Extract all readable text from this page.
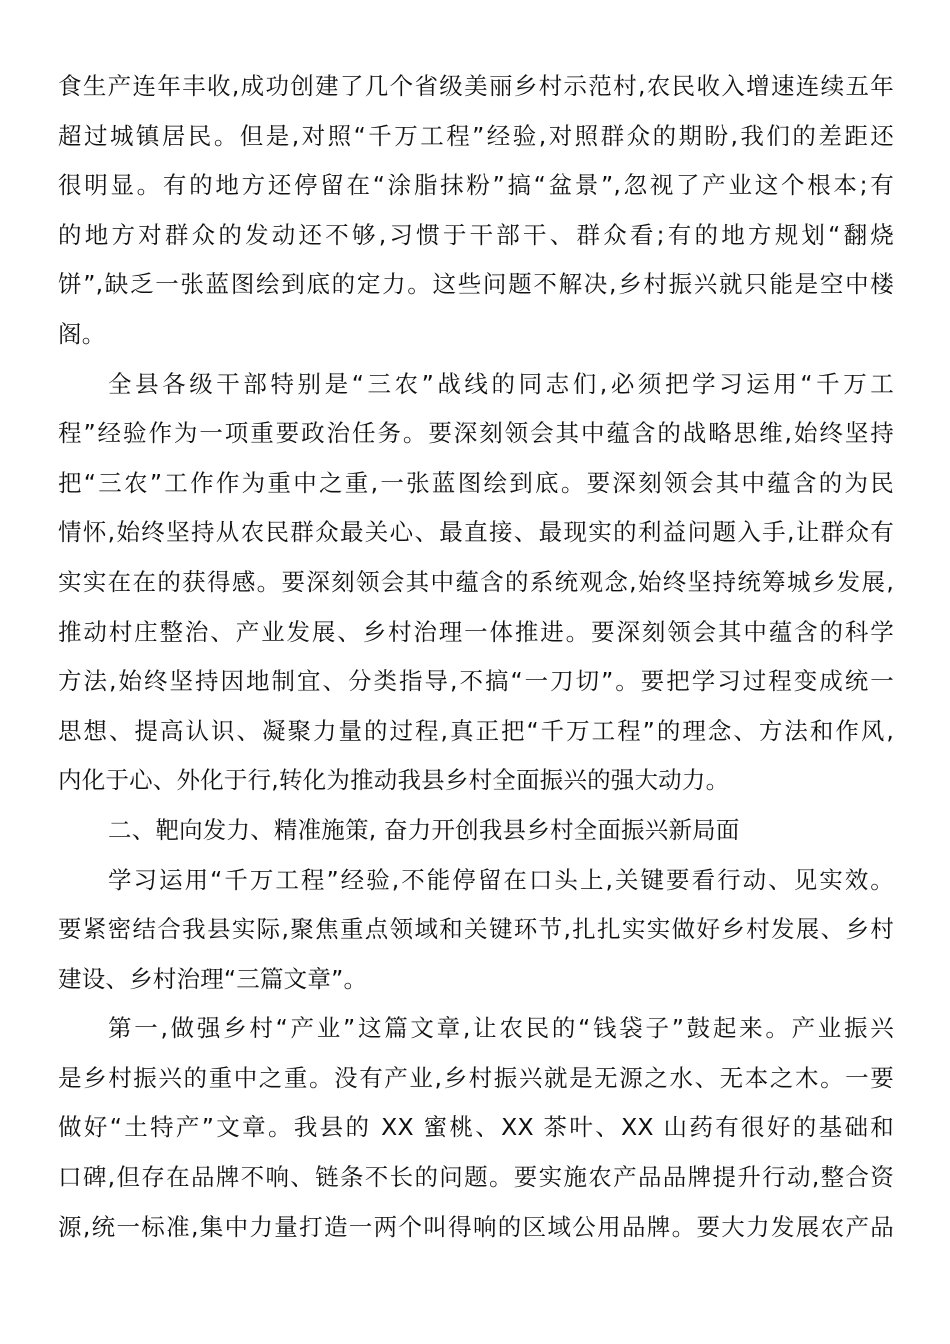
食生产连年丰收,成功创建了几个省级美丽乡村示范村,农民收入增速连续五年
超过城镇居民。但是,对照“千万工程”经验,对照群众的期盼,我们的差距还
很明显。有的地方还停留在“涂脂抹粉”搞“盆景”,忽视了产业这个根本;有
的地方对群众的发动还不够,习惯于干部干、群众看;有的地方规划“翻烧
饼”,缺乏一张蓝图绘到底的定力。这些问题不解决,乡村振兴就只能是空中楼
阁。
全县各级干部特别是“三农”战线的同志们,必须把学习运用“千万工
程”经验作为一项重要政治任务。要深刻领会其中蕴含的战略思维,始终坚持
把“三农”工作作为重中之重,一张蓝图绘到底。要深刻领会其中蕴含的为民
情怀,始终坚持从农民群众最关心、最直接、最现实的利益问题入手,让群众有
实实在在的获得感。要深刻领会其中蕴含的系统观念,始终坚持统筹城乡发展,
推动村庄整治、产业发展、乡村治理一体推进。要深刻领会其中蕴含的科学
方法,始终坚持因地制宜、分类指导,不搞“一刀切”。要把学习过程变成统一
思想、提高认识、凝聚力量的过程,真正把“千万工程”的理念、方法和作风,
内化于心、外化于行,转化为推动我县乡村全面振兴的强大动力。
二、靶向发力、精准施策, 奋力开创我县乡村全面振兴新局面
学习运用“千万工程”经验,不能停留在口头上,关键要看行动、见实效。
要紧密结合我县实际,聚焦重点领域和关键环节,扎扎实实做好乡村发展、乡村
建设、乡村治理“三篇文章”。
第一,做强乡村“产业”这篇文章,让农民的“钱袋子”鼓起来。产业振兴
是乡村振兴的重中之重。没有产业,乡村振兴就是无源之水、无本之木。一要
做好“土特产”文章。我县的 XX 蜜桃、XX 茶叶、XX 山药有很好的基础和
口碑,但存在品牌不响、链条不长的问题。要实施农产品品牌提升行动,整合资
源,统一标准,集中力量打造一两个叫得响的区域公用品牌。要大力发展农产品
